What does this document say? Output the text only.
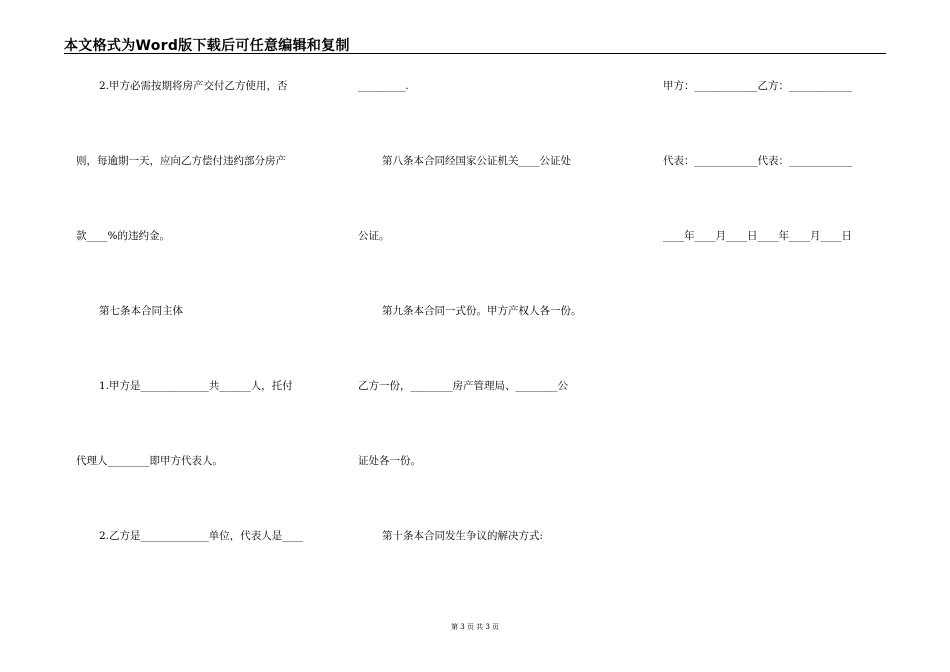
本文格式为Word版下载后可任意编辑和复制
2.甲方必需按期将房产交付乙方使用，否
则，每逾期一天，应向乙方偿付违约部分房产
款____%的违约金。
第七条本合同主体
1.甲方是_____________共______人，托付
代理人________即甲方代表人。
2.乙方是_____________单位，代表人是____
_________.
第八条本合同经国家公证机关____公证处
公证。
第九条本合同一式份。甲方产权人各一份。
乙方一份，________房产管理局、________公
证处各一份。
第十条本合同发生争议的解决方式:
甲方：____________乙方：____________
代表：____________代表：____________
____年____月____日____年____月____日
第 3 页 共 3 页
